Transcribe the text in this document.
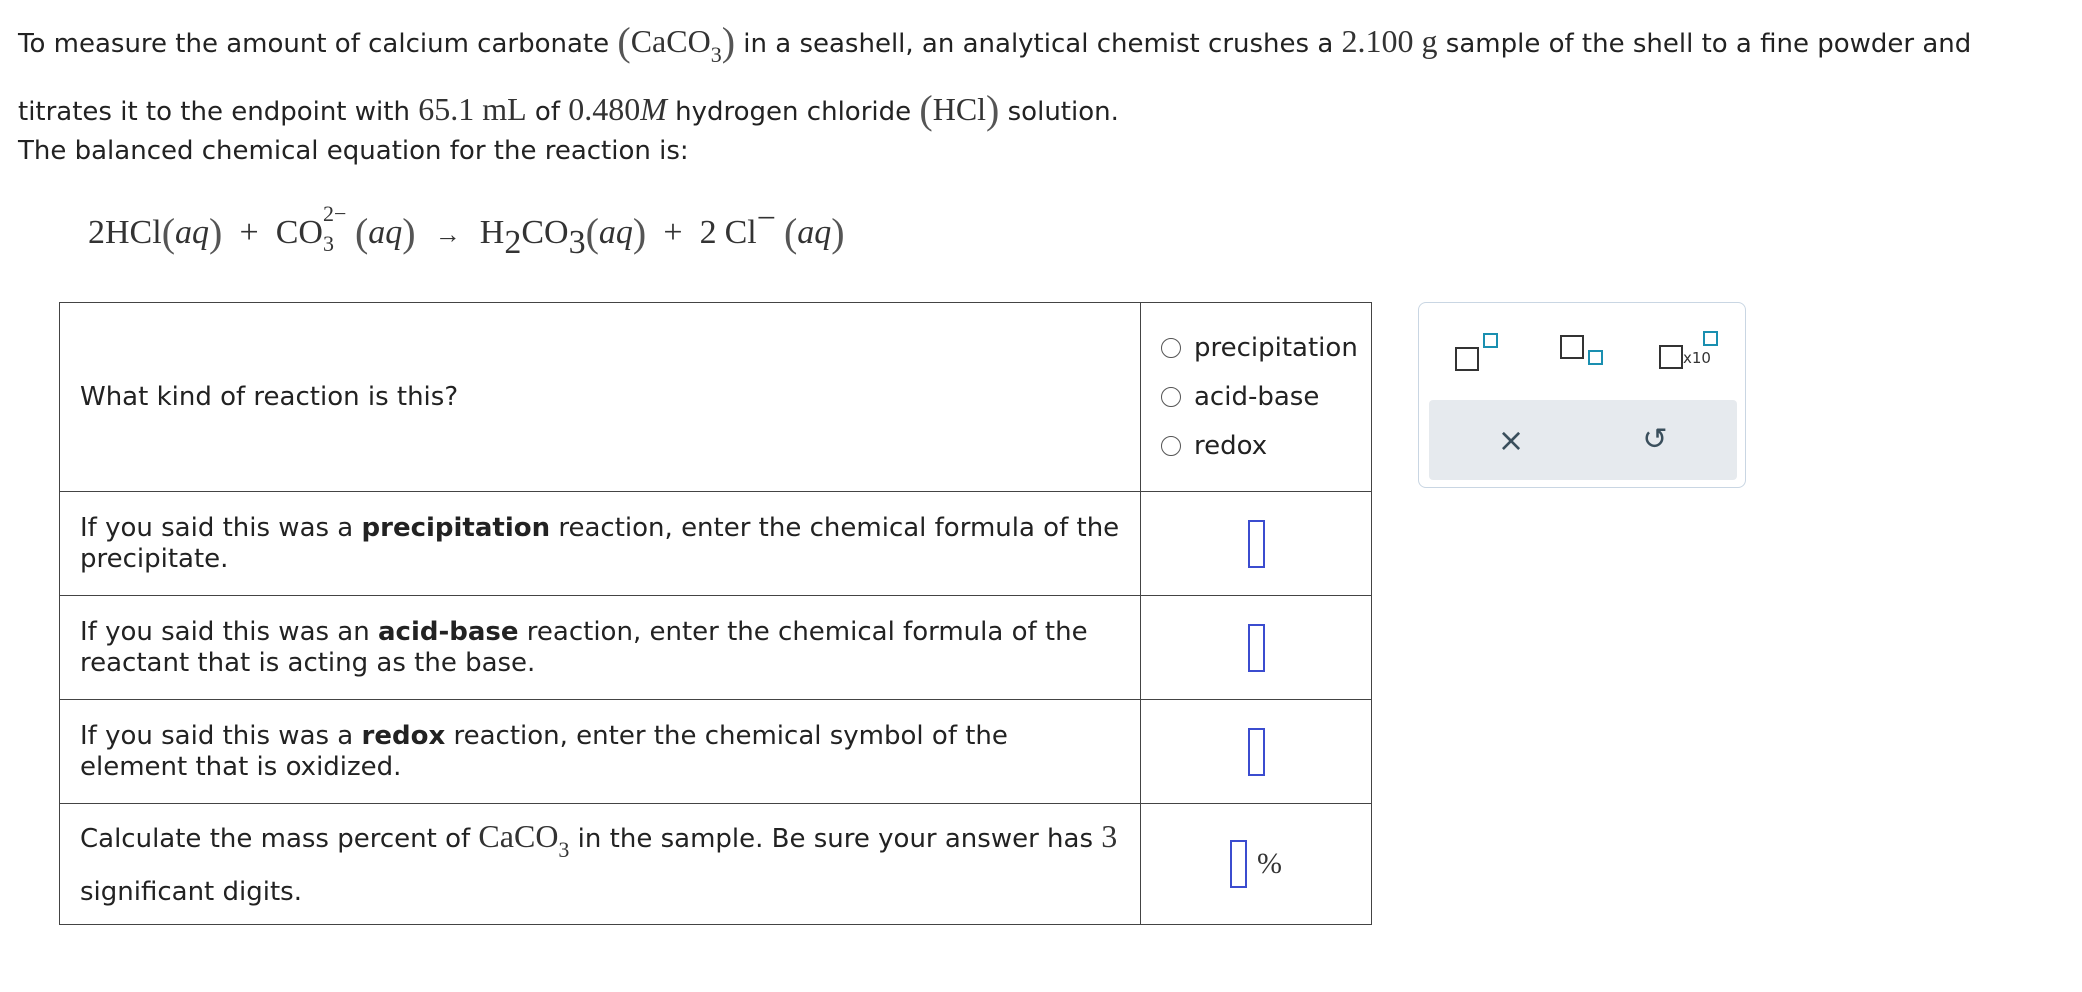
To measure the amount of calcium carbonate (CaCO$_3$) in a seashell, an analytical chemist crushes a 2.100 g sample of the shell to a fine powder and titrates it to the endpoint with 65.1 mL of 0.480M hydrogen chloride (HCl) solution.
The balanced chemical equation for the reaction is:
2HCl(aq) + CO
2−
3 (aq) → H2CO3(aq) + 2 Cl− (aq)
What kind of reaction is this?	precipitation
acid-base
redox

If you said this was a precipitation reaction, enter the chemical formula of the precipitate.	
If you said this was an acid-base reaction, enter the chemical formula of the reactant that is acting as the base.	
If you said this was a redox reaction, enter the chemical symbol of the element that is oxidized.	
Calculate the mass percent of CaCO$_3$ in the sample. Be sure your answer has 3 significant digits.	%
x10
×	↺
